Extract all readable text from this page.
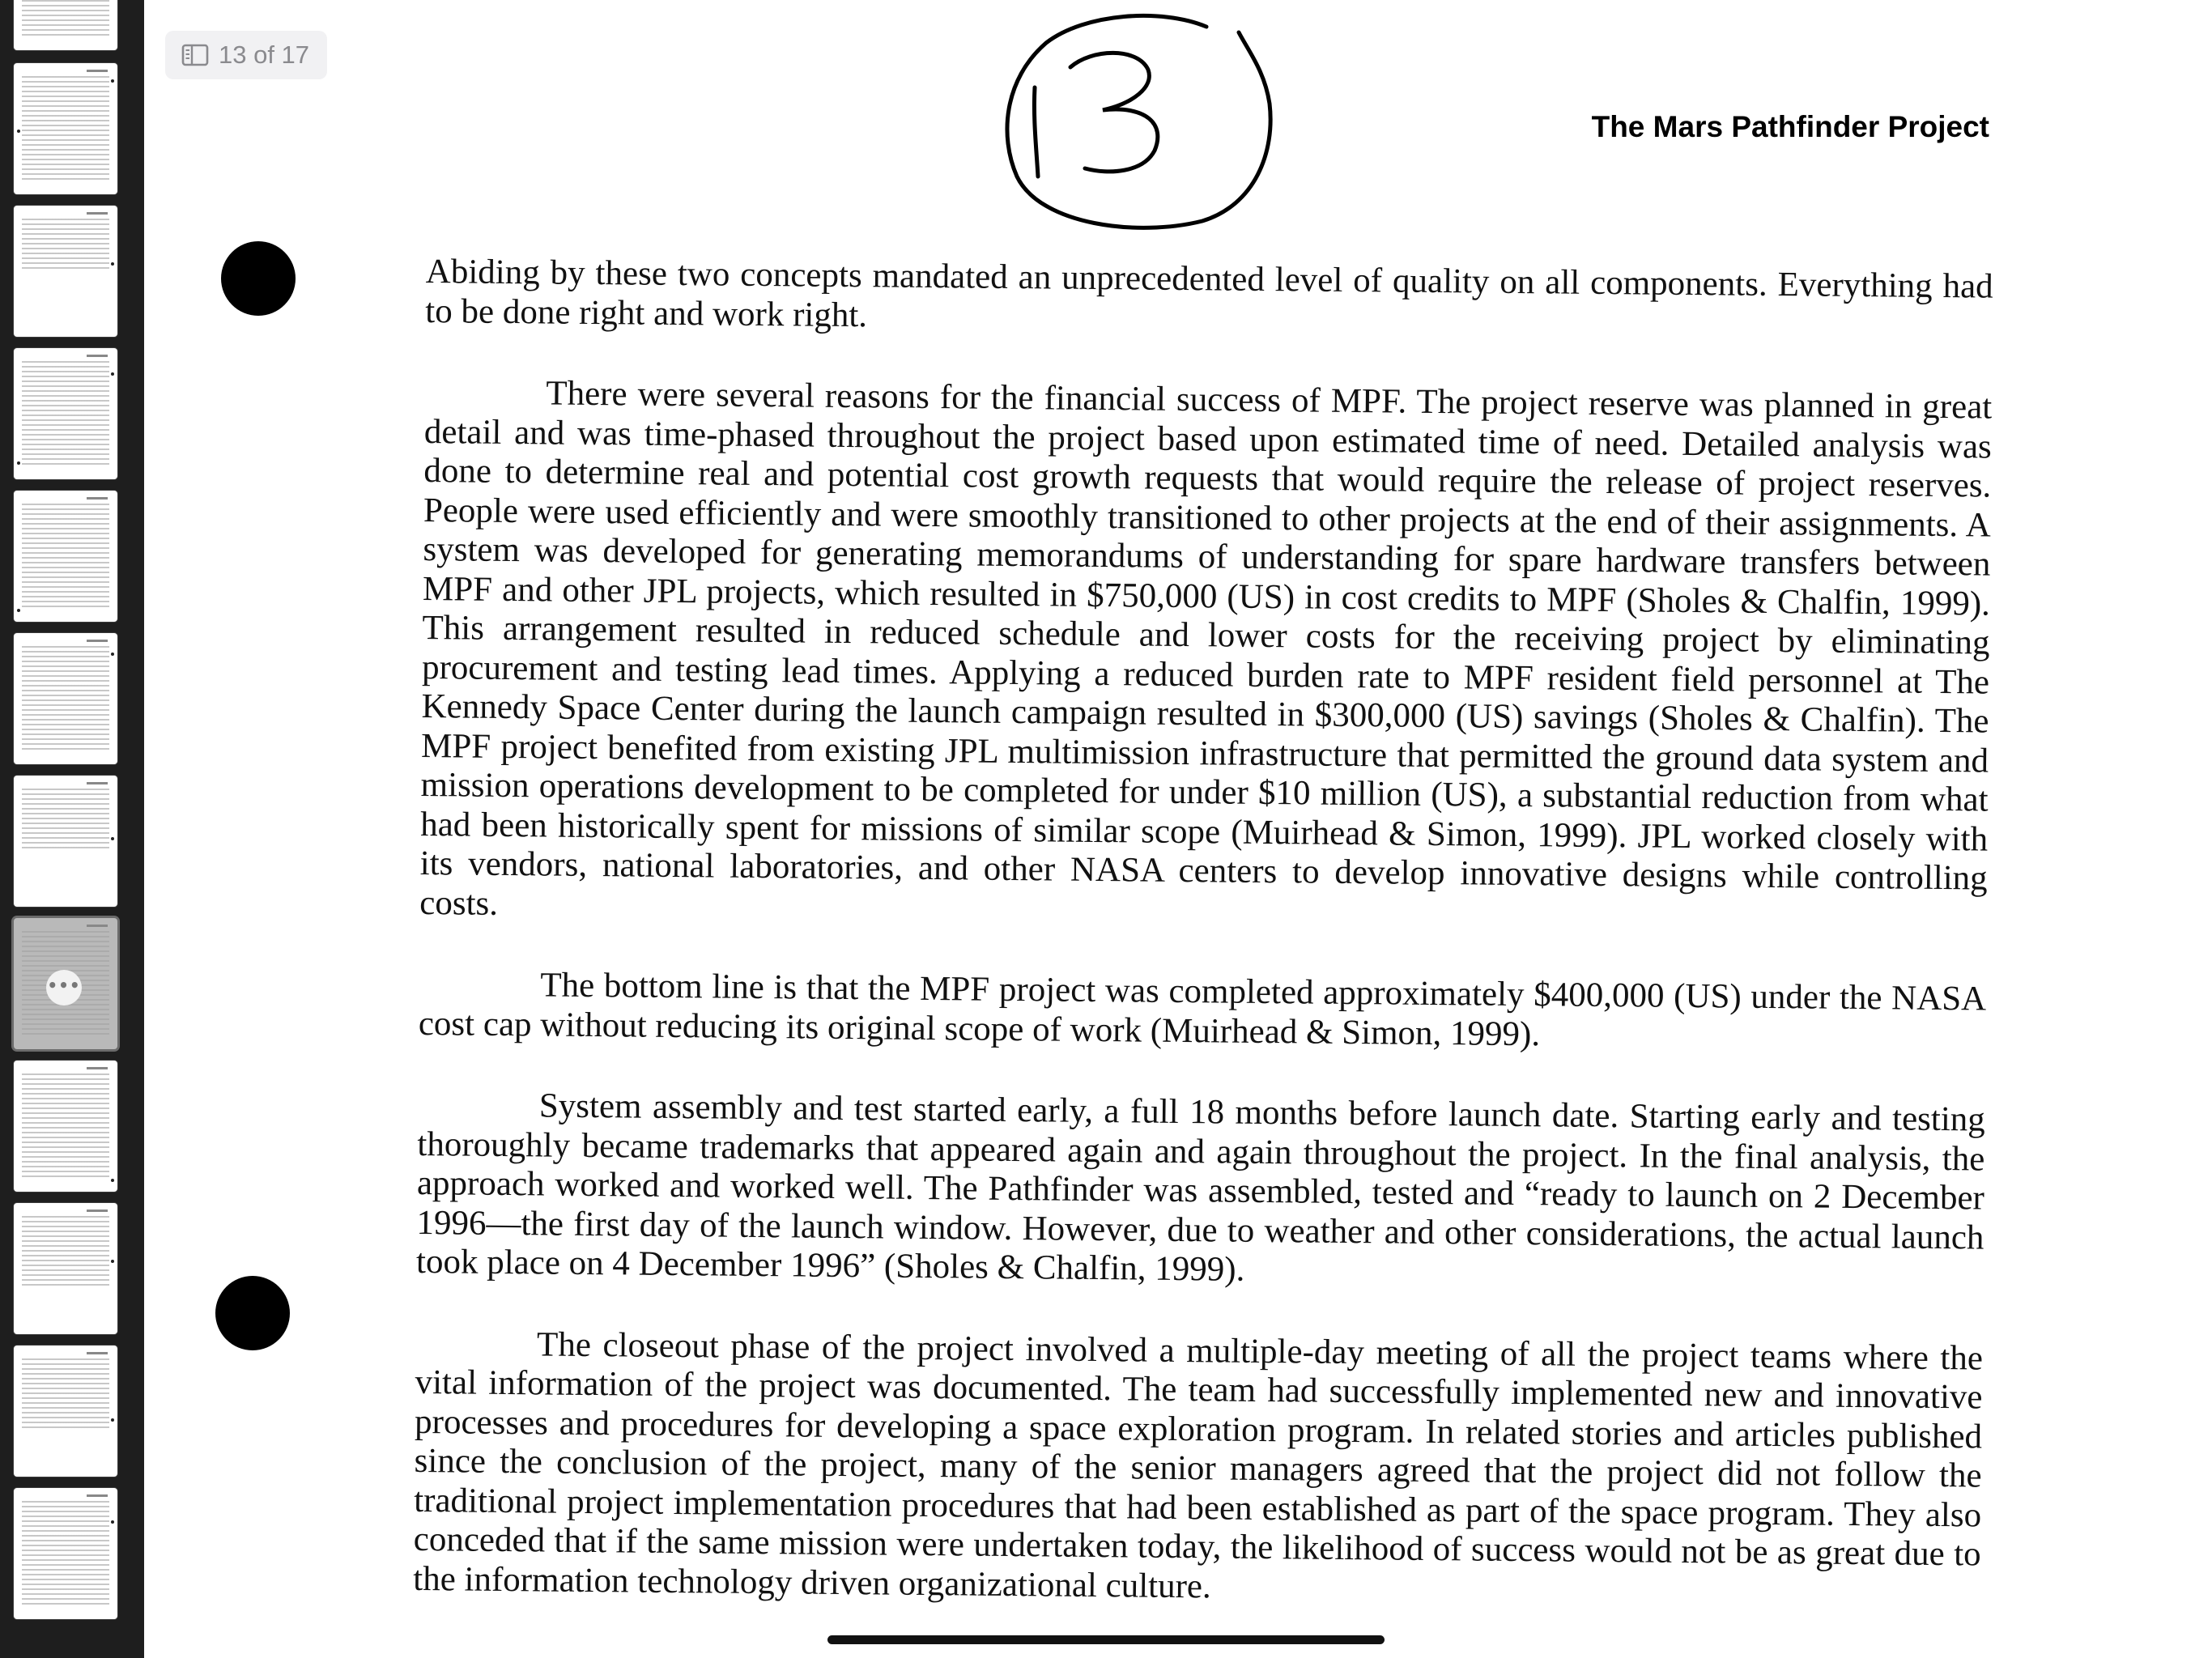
•••
13 of 17
The Mars Pathfinder Project

Abiding by these two concepts mandated an unprecedented level of quality on all components. Everything had to be done right and work right.

There were several reasons for the financial success of MPF. The project reserve was planned in great detail and was time-phased throughout the project based upon estimated time of need. Detailed analysis was done to determine real and potential cost growth requests that would require the release of project reserves. People were used efficiently and were smoothly transitioned to other projects at the end of their assignments. A system was developed for generating memorandums of understanding for spare hardware transfers between MPF and other JPL projects, which resulted in $750,000 (US) in cost credits to MPF (Sholes & Chalfin, 1999). This arrangement resulted in reduced schedule and lower costs for the receiving project by eliminating procurement and testing lead times. Applying a reduced burden rate to MPF resident field personnel at The Kennedy Space Center during the launch campaign resulted in $300,000 (US) savings (Sholes & Chalfin). The MPF project benefited from existing JPL multimission infrastructure that permitted the ground data system and mission operations development to be completed for under $10 million (US), a substantial reduction from what had been historically spent for missions of similar scope (Muirhead & Simon, 1999). JPL worked closely with its vendors, national laboratories, and other NASA centers to develop innovative designs while controlling costs.

The bottom line is that the MPF project was completed approximately $400,000 (US) under the NASA cost cap without reducing its original scope of work (Muirhead & Simon, 1999).

System assembly and test started early, a full 18 months before launch date. Starting early and testing thoroughly became trademarks that appeared again and again throughout the project. In the final analysis, the approach worked and worked well. The Pathfinder was assembled, tested and “ready to launch on 2 December 1996—the first day of the launch window. However, due to weather and other considerations, the actual launch took place on 4 December 1996” (Sholes & Chalfin, 1999).

The closeout phase of the project involved a multiple-day meeting of all the project teams where the vital information of the project was documented. The team had successfully implemented new and innovative processes and procedures for developing a space exploration program. In related stories and articles published since the conclusion of the project, many of the senior managers agreed that the project did not follow the traditional project implementation procedures that had been established as part of the space program. They also conceded that if the same mission were undertaken today, the likelihood of success would not be as great due to the information technology driven organizational culture.
